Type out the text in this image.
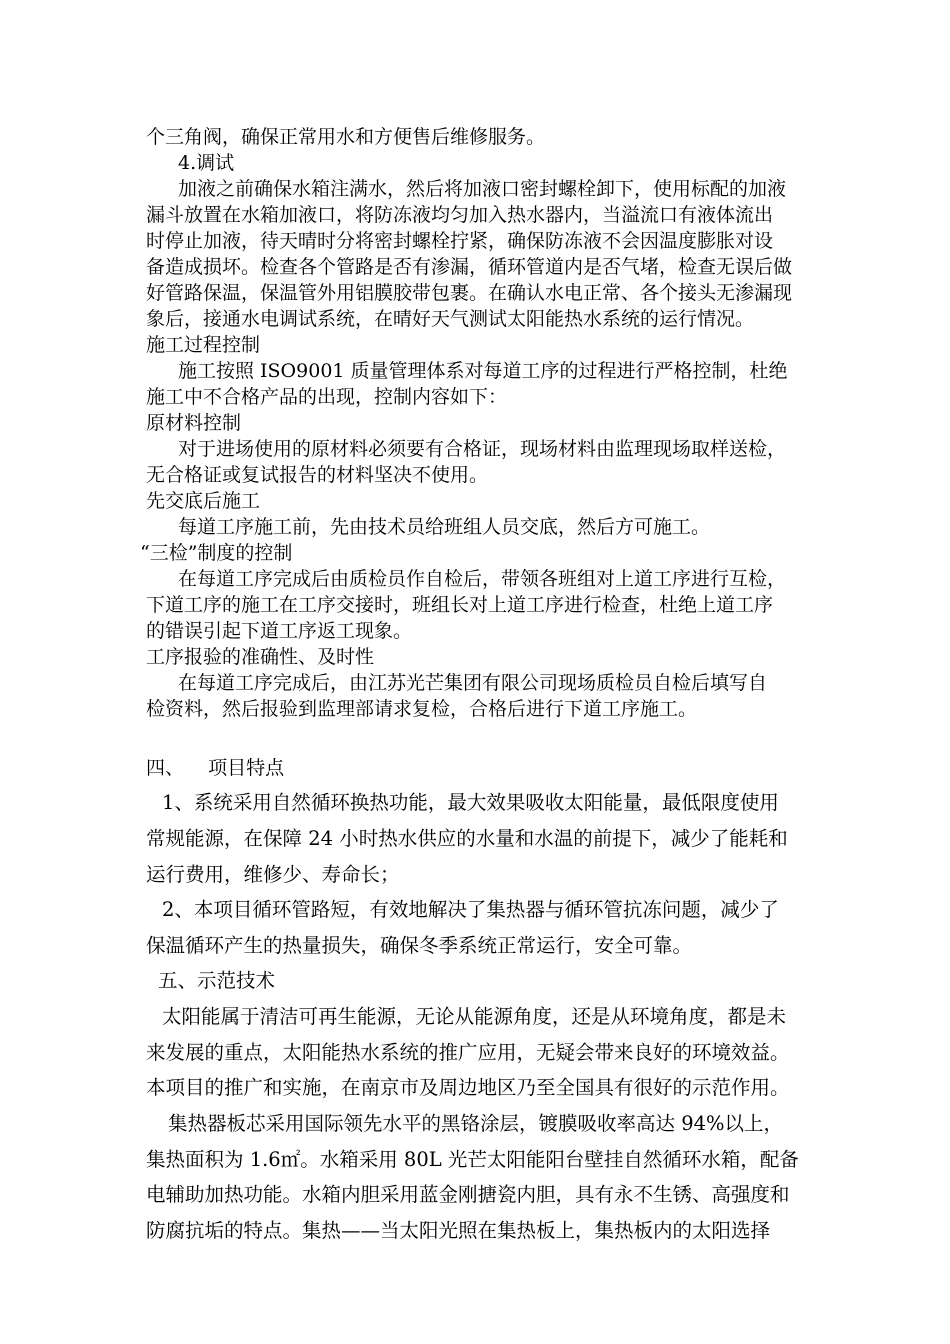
个三角阀，确保正常用水和方便售后维修服务。

4.调试

加液之前确保水箱注满水，然后将加液口密封螺栓卸下，使用标配的加液

漏斗放置在水箱加液口，将防冻液均匀加入热水器内，当溢流口有液体流出

时停止加液，待天晴时分将密封螺栓拧紧，确保防冻液不会因温度膨胀对设

备造成损坏。检查各个管路是否有渗漏，循环管道内是否气堵，检查无误后做

好管路保温，保温管外用铝膜胶带包裹。在确认水电正常、各个接头无渗漏现

象后，接通水电调试系统，在晴好天气测试太阳能热水系统的运行情况。

施工过程控制

施工按照 ISO9001 质量管理体系对每道工序的过程进行严格控制，杜绝

施工中不合格产品的出现，控制内容如下：

原材料控制

对于进场使用的原材料必须要有合格证，现场材料由监理现场取样送检，

无合格证或复试报告的材料坚决不使用。

先交底后施工

每道工序施工前，先由技术员给班组人员交底，然后方可施工。

“三检”制度的控制

在每道工序完成后由质检员作自检后，带领各班组对上道工序进行互检，

下道工序的施工在工序交接时，班组长对上道工序进行检查，杜绝上道工序

的错误引起下道工序返工现象。

工序报验的准确性、及时性

在每道工序完成后，由江苏光芒集团有限公司现场质检员自检后填写自

检资料，然后报验到监理部请求复检，合格后进行下道工序施工。

四、    项目特点

1、系统采用自然循环换热功能，最大效果吸收太阳能量，最低限度使用

常规能源，在保障 24 小时热水供应的水量和水温的前提下，减少了能耗和

运行费用，维修少、寿命长；

2、本项目循环管路短，有效地解决了集热器与循环管抗冻问题，减少了

保温循环产生的热量损失，确保冬季系统正常运行，安全可靠。

五、示范技术

太阳能属于清洁可再生能源，无论从能源角度，还是从环境角度，都是未

来发展的重点，太阳能热水系统的推广应用，无疑会带来良好的环境效益。

本项目的推广和实施，在南京市及周边地区乃至全国具有很好的示范作用。

集热器板芯采用国际领先水平的黑铬涂层，镀膜吸收率高达 94%以上，

集热面积为 1.6㎡。水箱采用 80L 光芒太阳能阳台壁挂自然循环水箱，配备

电辅助加热功能。水箱内胆采用蓝金刚搪瓷内胆，具有永不生锈、高强度和

防腐抗垢的特点。集热——当太阳光照在集热板上，集热板内的太阳选择
